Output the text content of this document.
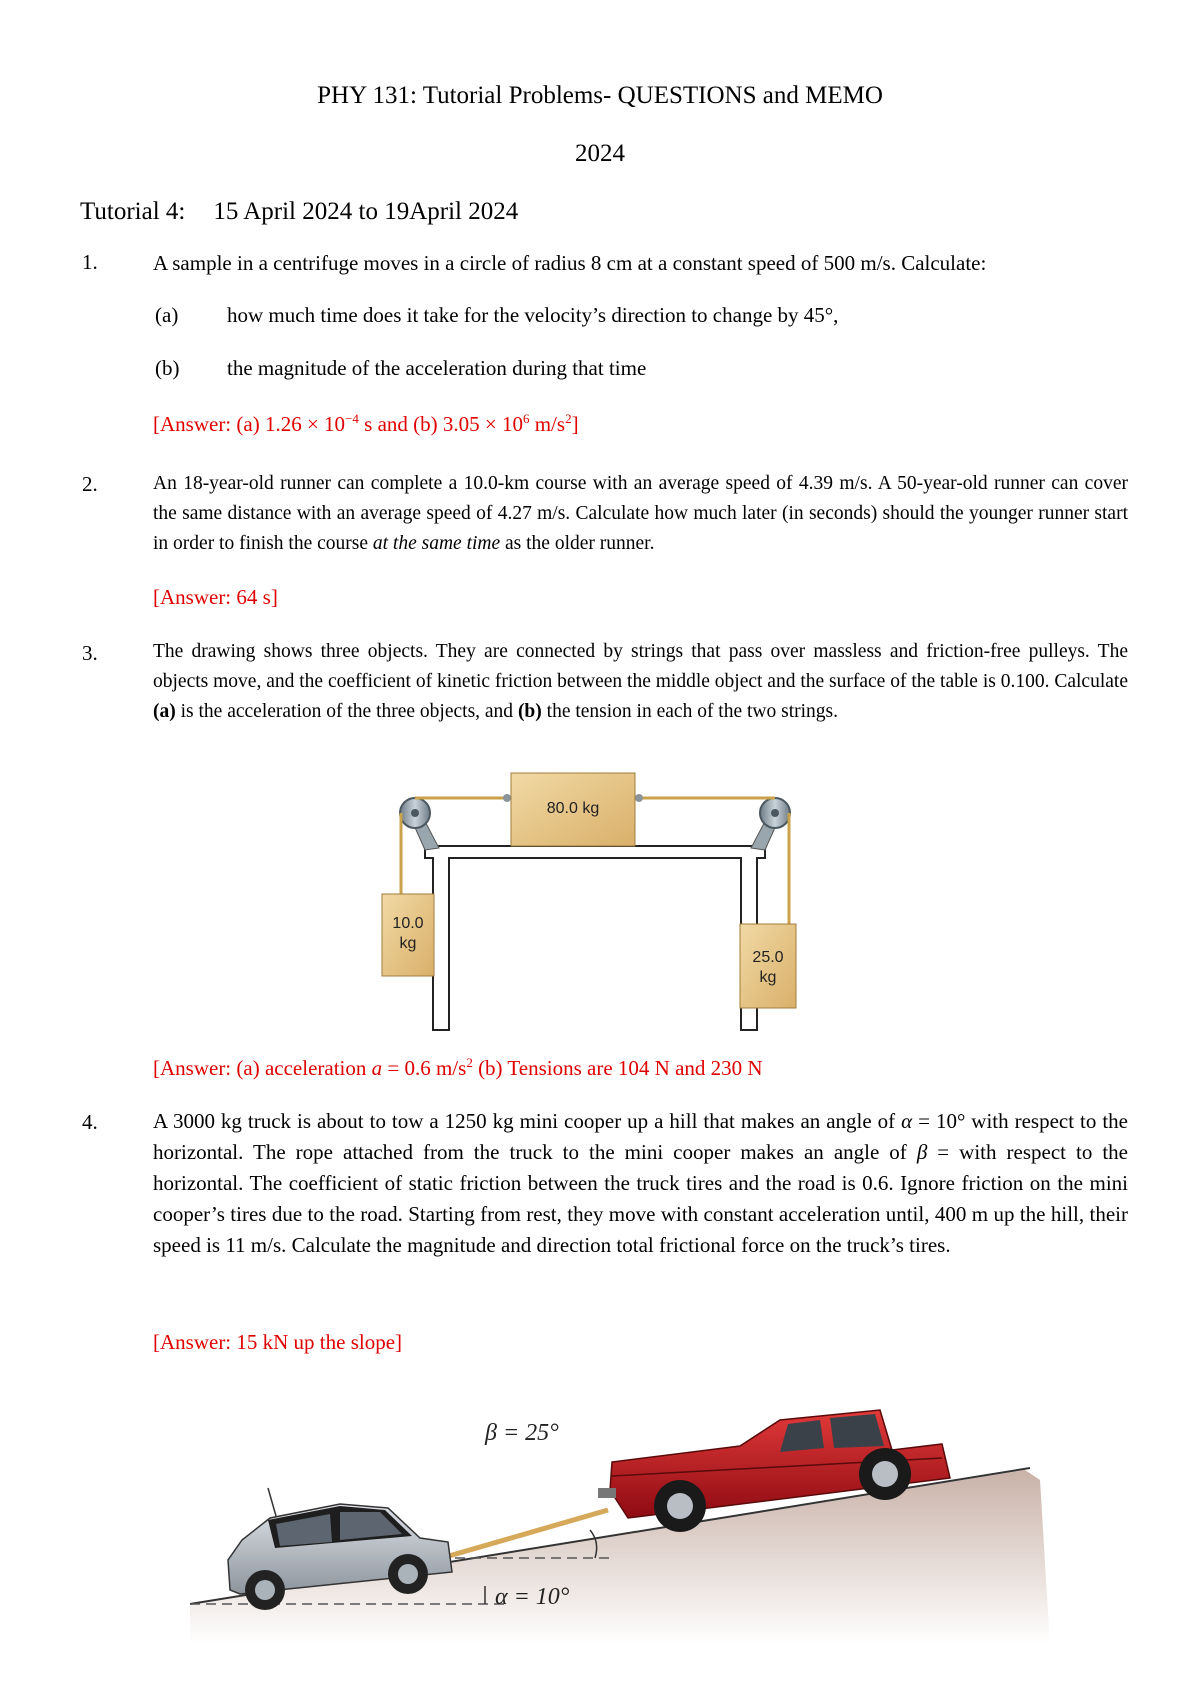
PHY 131: Tutorial Problems- QUESTIONS and MEMO
2024
Tutorial 4: 15 April 2024 to 19April 2024
1.	A sample in a centrifuge moves in a circle of radius 8 cm at a constant speed of 500 m/s. Calculate:
(a) how much time does it take for the velocity’s direction to change by 45°,
(b) the magnitude of the acceleration during that time
[Answer: (a) $1.26 \times 10^{-4}$ s and (b) $3.05 \times 10^6$ $m/s^2$]
2.	An 18-year-old runner can complete a 10.0-km course with an average speed of 4.39 m/s. A 50-year-old runner can cover the same distance with an average speed of 4.27 m/s. Calculate how much later (in seconds) should the younger runner start in order to finish the course at the same time as the older runner.
[Answer: 64 s]
3.	The drawing shows three objects. They are connected by strings that pass over massless and friction-free pulleys. The objects move, and the coefficient of kinetic friction between the middle object and the surface of the table is 0.100. Calculate (a) is the acceleration of the three objects, and (b) the tension in each of the two strings.
80.0 kg
10.0
kg
25.0
kg
[Answer: (a) acceleration a = 0.6 $m/s^2$ (b) Tensions are 104 N and 230 N
4.	A 3000 kg truck is about to tow a 1250 kg mini cooper up a hill that makes an angle of α = 10° with respect to the horizontal. The rope attached from the truck to the mini cooper makes an angle of β = with respect to the horizontal. The coefficient of static friction between the truck tires and the road is 0.6. Ignore friction on the mini cooper’s tires due to the road. Starting from rest, they move with constant acceleration until, 400 m up the hill, their speed is 11 m/s. Calculate the magnitude and direction total frictional force on the truck’s tires.
[Answer: 15 kN up the slope]
α = 10°
β = 25°
